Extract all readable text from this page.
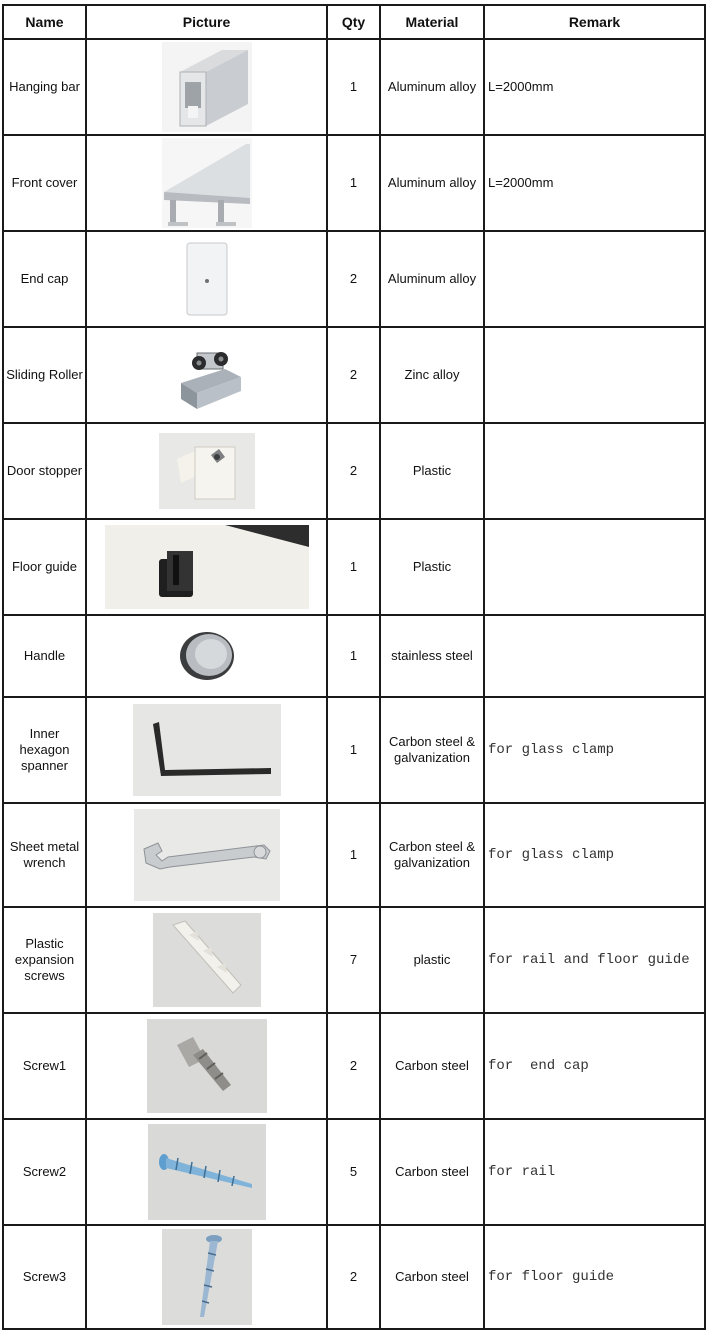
Name	Picture	Qty	Material	Remark
Hanging bar		1	Aluminum alloy	L=2000mm
Front cover		1	Aluminum alloy	L=2000mm
End cap		2	Aluminum alloy	
Sliding Roller		2	Zinc alloy	
Door stopper		2	Plastic	
Floor guide		1	Plastic	
Handle		1	stainless steel	
Inner hexagon spanner		1	Carbon steel & galvanization	for glass clamp
Sheet metal wrench		1	Carbon steel & galvanization	for glass clamp
Plastic expansion screws		7	plastic	for rail and floor guide
Screw1		2	Carbon steel	for  end cap
Screw2		5	Carbon steel	for rail
Screw3		2	Carbon steel	for floor guide
